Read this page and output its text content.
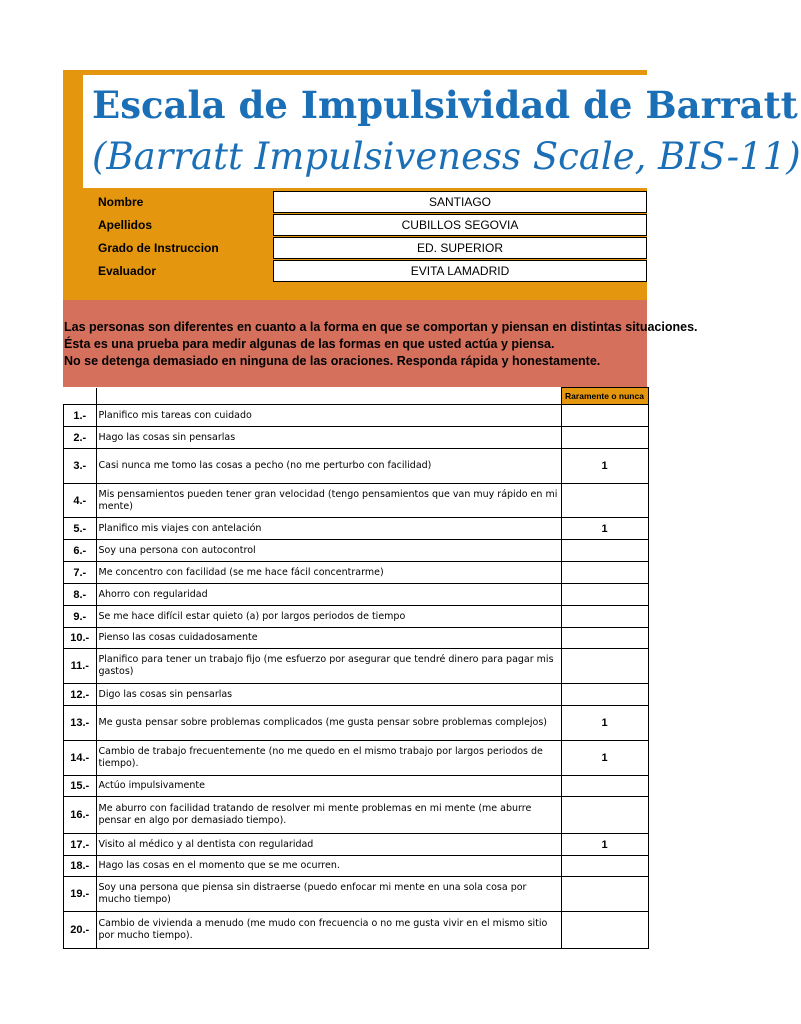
Escala de Impulsividad de Barratt
(Barratt Impulsiveness Scale, BIS-11)
Nombre	SANTIAGO
Apellidos	CUBILLOS SEGOVIA
Grado de Instruccion	ED. SUPERIOR
Evaluador	EVITA LAMADRID
Las personas son diferentes en cuanto a la forma en que se comportan y piensan en distintas situaciones.
Ésta es una prueba para medir algunas de las formas en que usted actúa y piensa.
No se detenga demasiado en ninguna de las oraciones. Responda rápida y honestamente.
		Raramente o nunca
1.-	Planifico mis tareas con cuidado	
2.-	Hago las cosas sin pensarlas	
3.-	Casi nunca me tomo las cosas a pecho (no me perturbo con facilidad)	1
4.-	Mis pensamientos pueden tener gran velocidad (tengo pensamientos que van muy rápido en mi mente)	
5.-	Planifico mis viajes con antelación	1
6.-	Soy una persona con autocontrol	
7.-	Me concentro con facilidad (se me hace fácil concentrarme)	
8.-	Ahorro con regularidad	
9.-	Se me hace difícil estar quieto (a) por largos periodos de tiempo	
10.-	Pienso las cosas cuidadosamente	
11.-	Planifico para tener un trabajo fijo (me esfuerzo por asegurar que tendré dinero para pagar mis gastos)	
12.-	Digo las cosas sin pensarlas	
13.-	Me gusta pensar sobre problemas complicados (me gusta pensar sobre problemas complejos)	1
14.-	Cambio de trabajo frecuentemente (no me quedo en el mismo trabajo por largos periodos de tiempo).	1
15.-	Actúo impulsivamente	
16.-	Me aburro con facilidad tratando de resolver mi mente problemas en mi mente (me aburre pensar en algo por demasiado tiempo).	
17.-	Visito al médico y al dentista con regularidad	1
18.-	Hago las cosas en el momento que se me ocurren.	
19.-	Soy una persona que piensa sin distraerse (puedo enfocar mi mente en una sola cosa por mucho tiempo)	
20.-	Cambio de vivienda a menudo (me mudo con frecuencia o no me gusta vivir en el mismo sitio por mucho tiempo).	
